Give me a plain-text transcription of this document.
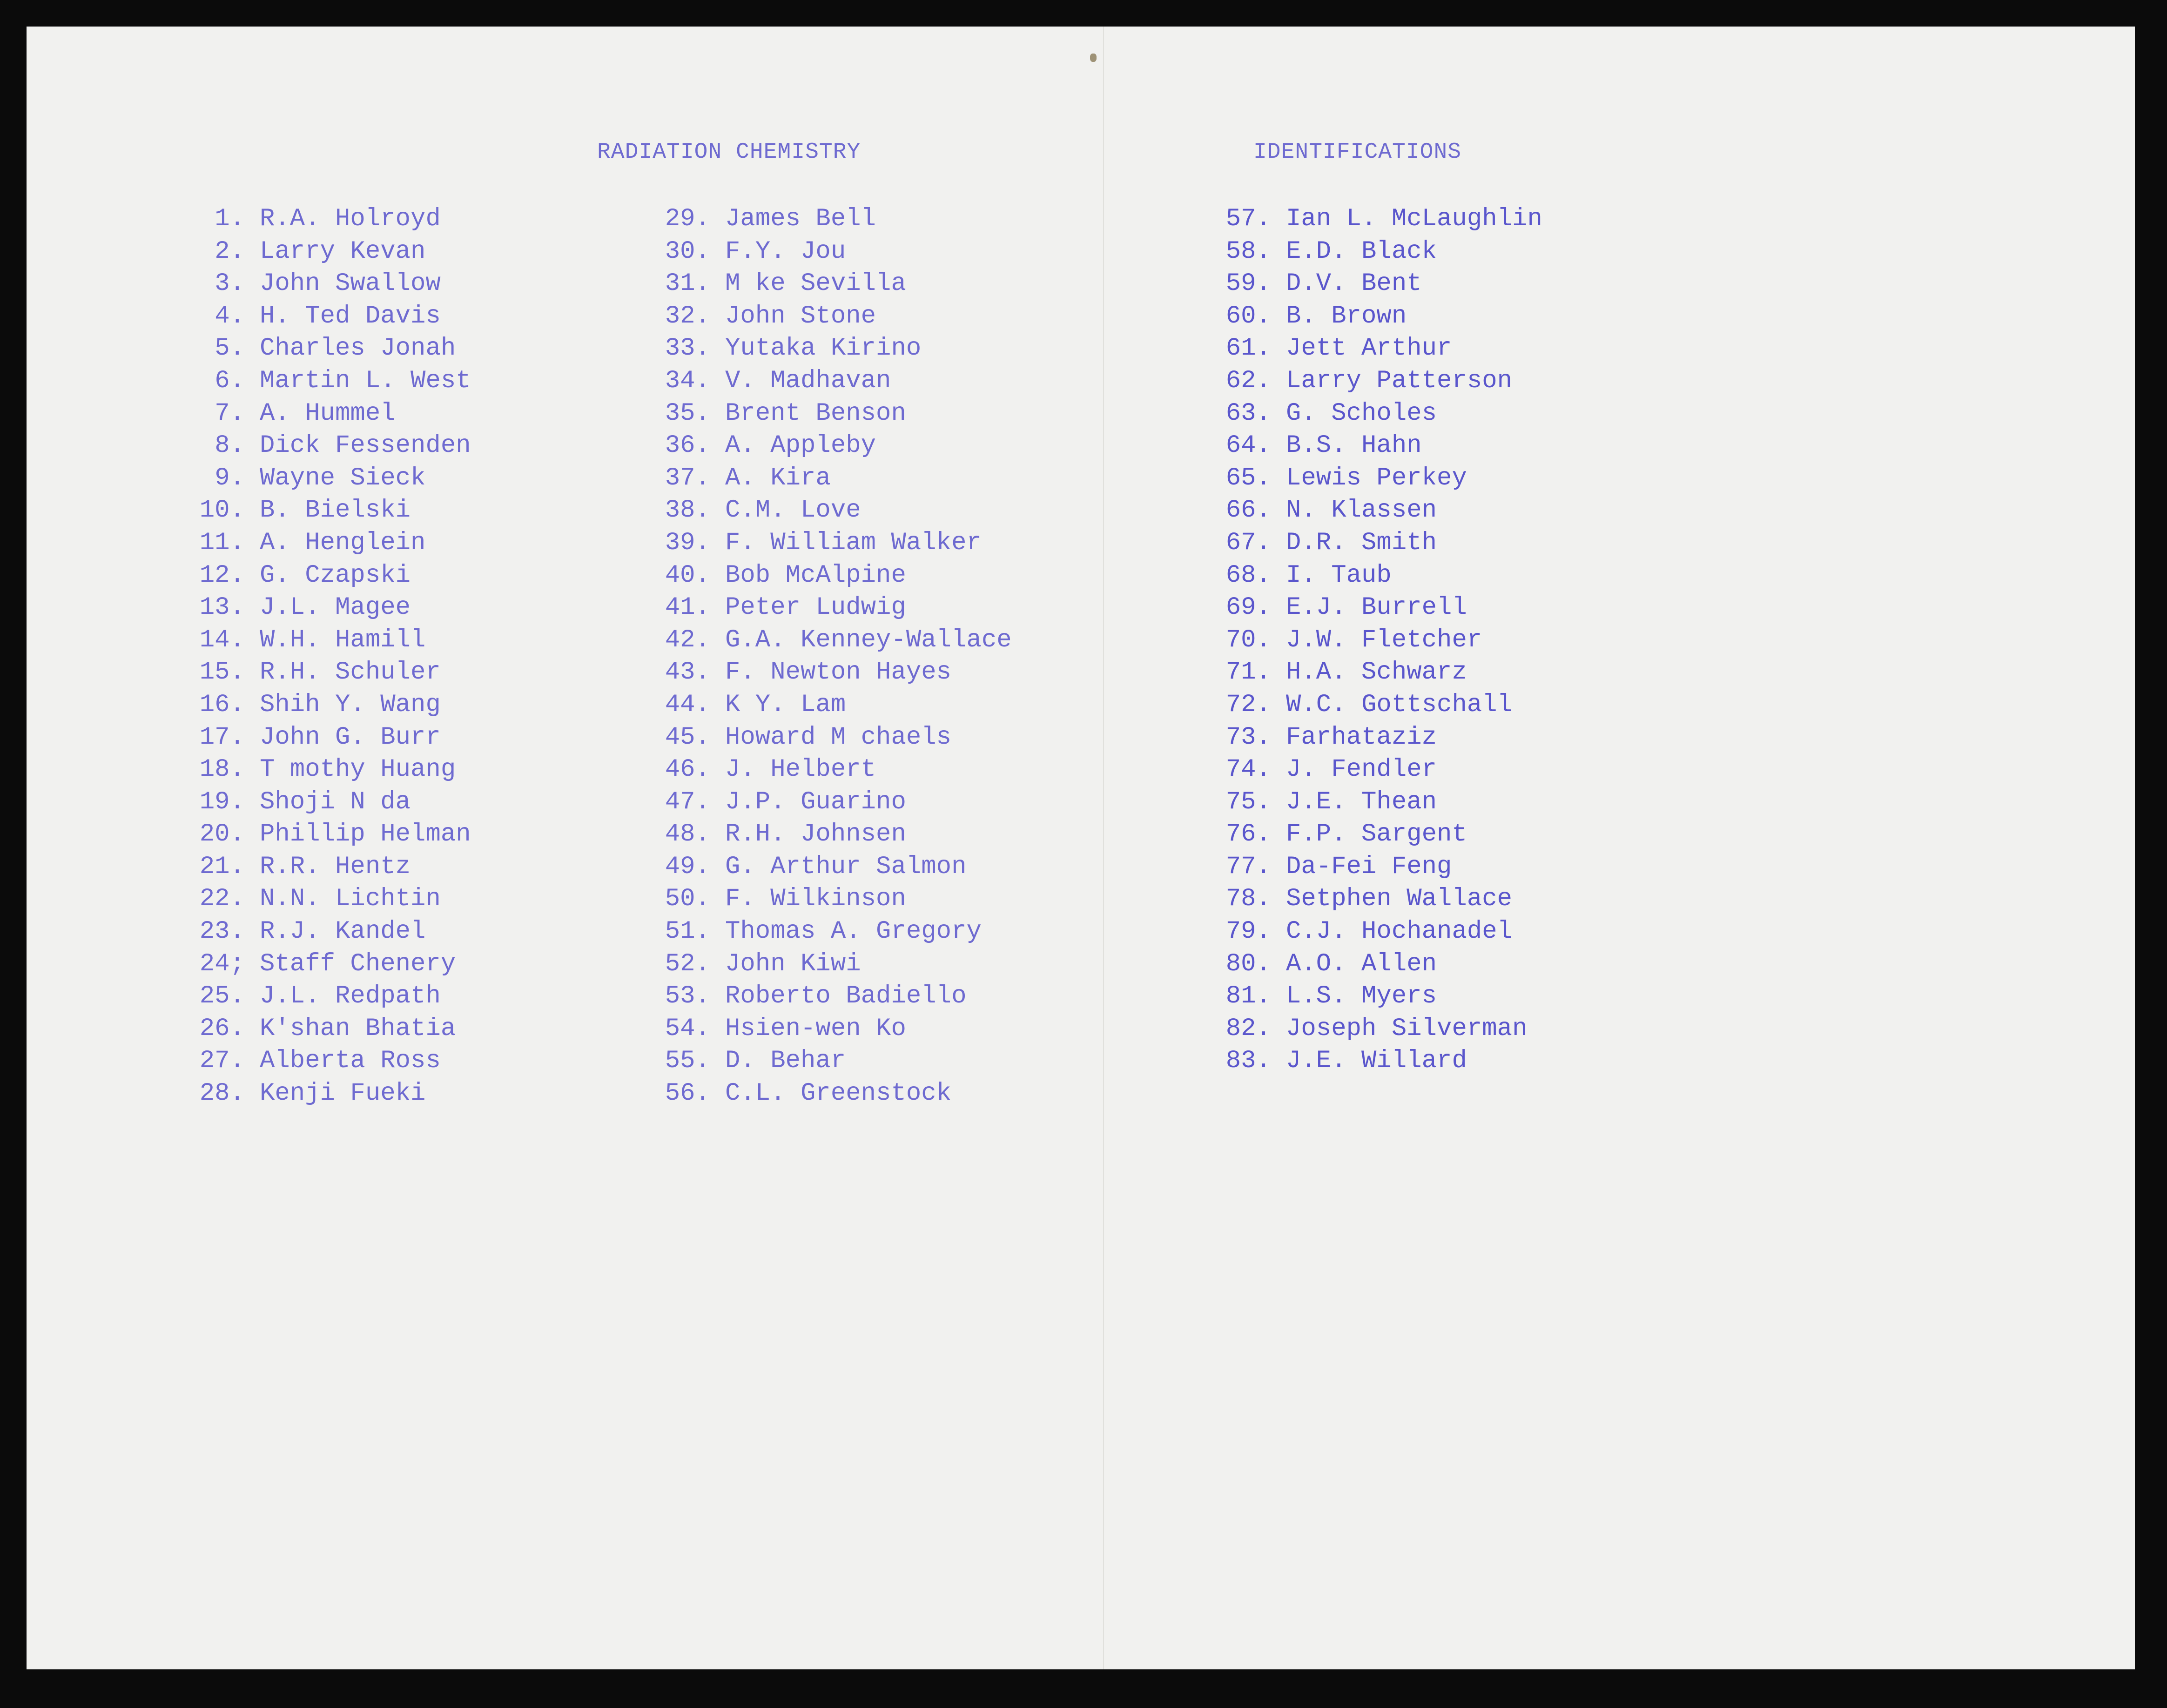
RADIATION CHEMISTRY	IDENTIFICATIONS
1. R.A. Holroyd
2. Larry Kevan
3. John Swallow
4. H. Ted Davis
5. Charles Jonah
6. Martin L. West
7. A. Hummel
8. Dick Fessenden
9. Wayne Sieck
10. B. Bielski
11. A. Henglein
12. G. Czapski
13. J.L. Magee
14. W.H. Hamill
15. R.H. Schuler
16. Shih Y. Wang
17. John G. Burr
18. T mothy Huang
19. Shoji N da
20. Phillip Helman
21. R.R. Hentz
22. N.N. Lichtin
23. R.J. Kandel
24; Staff Chenery
25. J.L. Redpath
26. K'shan Bhatia
27. Alberta Ross
28. Kenji Fueki
29. James Bell
30. F.Y. Jou
31. M ke Sevilla
32. John Stone
33. Yutaka Kirino
34. V. Madhavan
35. Brent Benson
36. A. Appleby
37. A. Kira
38. C.M. Love
39. F. William Walker
40. Bob McAlpine
41. Peter Ludwig
42. G.A. Kenney-Wallace
43. F. Newton Hayes
44. K Y. Lam
45. Howard M chaels
46. J. Helbert
47. J.P. Guarino
48. R.H. Johnsen
49. G. Arthur Salmon
50. F. Wilkinson
51. Thomas A. Gregory
52. John Kiwi
53. Roberto Badiello
54. Hsien-wen Ko
55. D. Behar
56. C.L. Greenstock
57. Ian L. McLaughlin
58. E.D. Black
59. D.V. Bent
60. B. Brown
61. Jett Arthur
62. Larry Patterson
63. G. Scholes
64. B.S. Hahn
65. Lewis Perkey
66. N. Klassen
67. D.R. Smith
68. I. Taub
69. E.J. Burrell
70. J.W. Fletcher
71. H.A. Schwarz
72. W.C. Gottschall
73. Farhataziz
74. J. Fendler
75. J.E. Thean
76. F.P. Sargent
77. Da-Fei Feng
78. Setphen Wallace
79. C.J. Hochanadel
80. A.O. Allen
81. L.S. Myers
82. Joseph Silverman
83. J.E. Willard
